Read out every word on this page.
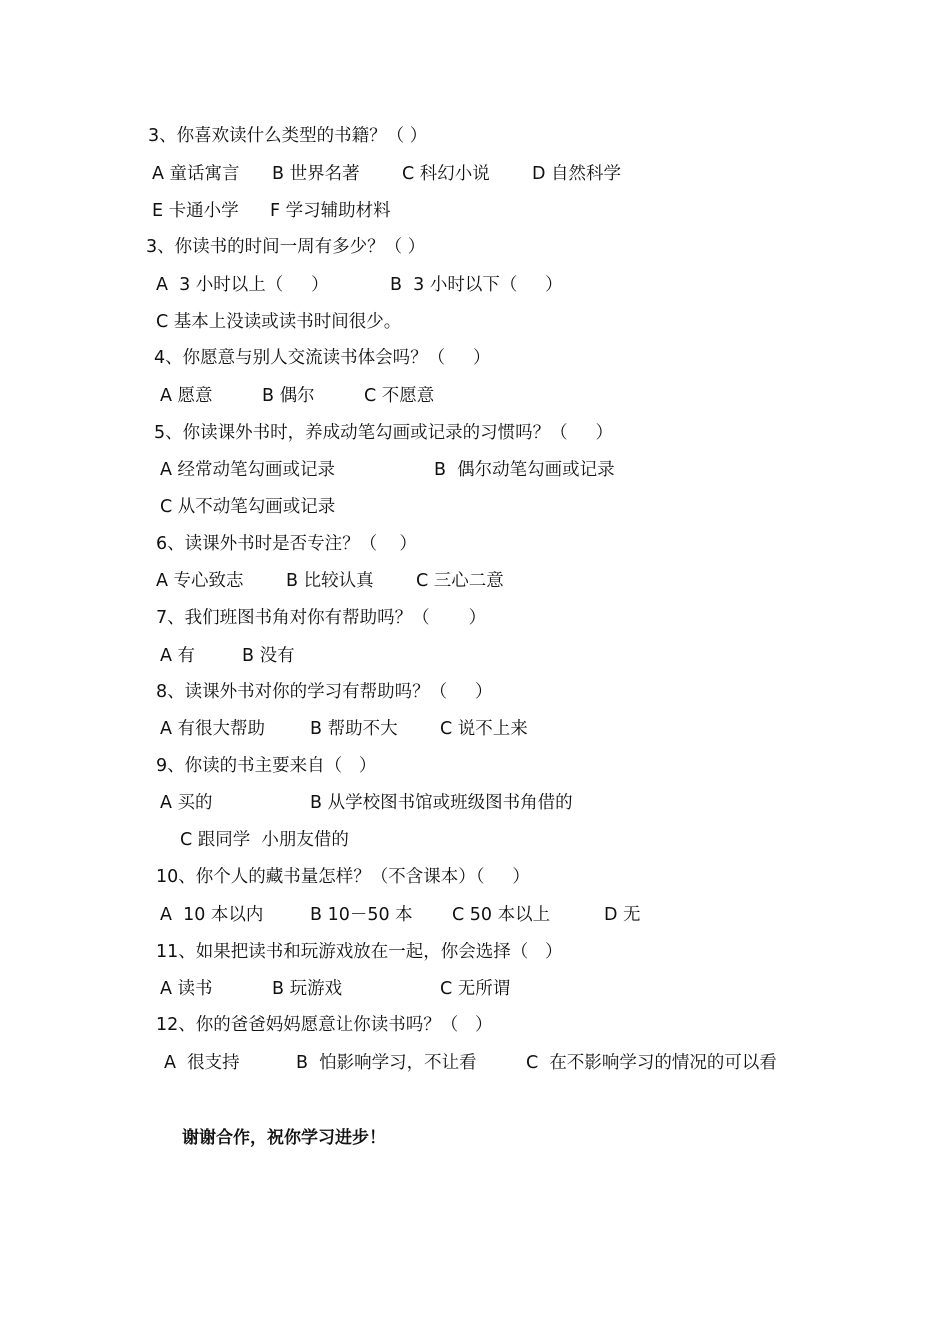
3、你喜欢读什么类型的书籍？（ ）
A 童话寓言 B 世界名著 C 科幻小说 D 自然科学
E 卡通小学 F 学习辅助材料
3、你读书的时间一周有多少？（ ）
A  3 小时以上（     ）	B  3 小时以下（     ）
C 基本上没读或读书时间很少。
4、你愿意与别人交流读书体会吗？（     ）
A 愿意	B 偶尔	C 不愿意
5、你读课外书时，养成动笔勾画或记录的习惯吗？（     ）
A 经常动笔勾画或记录	B  偶尔动笔勾画或记录
C 从不动笔勾画或记录
6、读课外书时是否专注？（    ）
A 专心致志 B 比较认真 C 三心二意
7、我们班图书角对你有帮助吗？（       ）
A 有	B 没有
8、读课外书对你的学习有帮助吗？（     ）
A 有很大帮助	B 帮助不大 C 说不上来
9、你读的书主要来自（   ）
A 买的	B 从学校图书馆或班级图书角借的
C 跟同学  小朋友借的
10、你个人的藏书量怎样？（不含课本）（     ）
A  10 本以内	B 10－50 本 C 50 本以上	D 无
11、如果把读书和玩游戏放在一起，你会选择（   ）
A 读书	B 玩游戏	C 无所谓
12、你的爸爸妈妈愿意让你读书吗？（   ）
A  很支持	B  怕影响学习，不让看	C  在不影响学习的情况的可以看
谢谢合作，祝你学习进步！
